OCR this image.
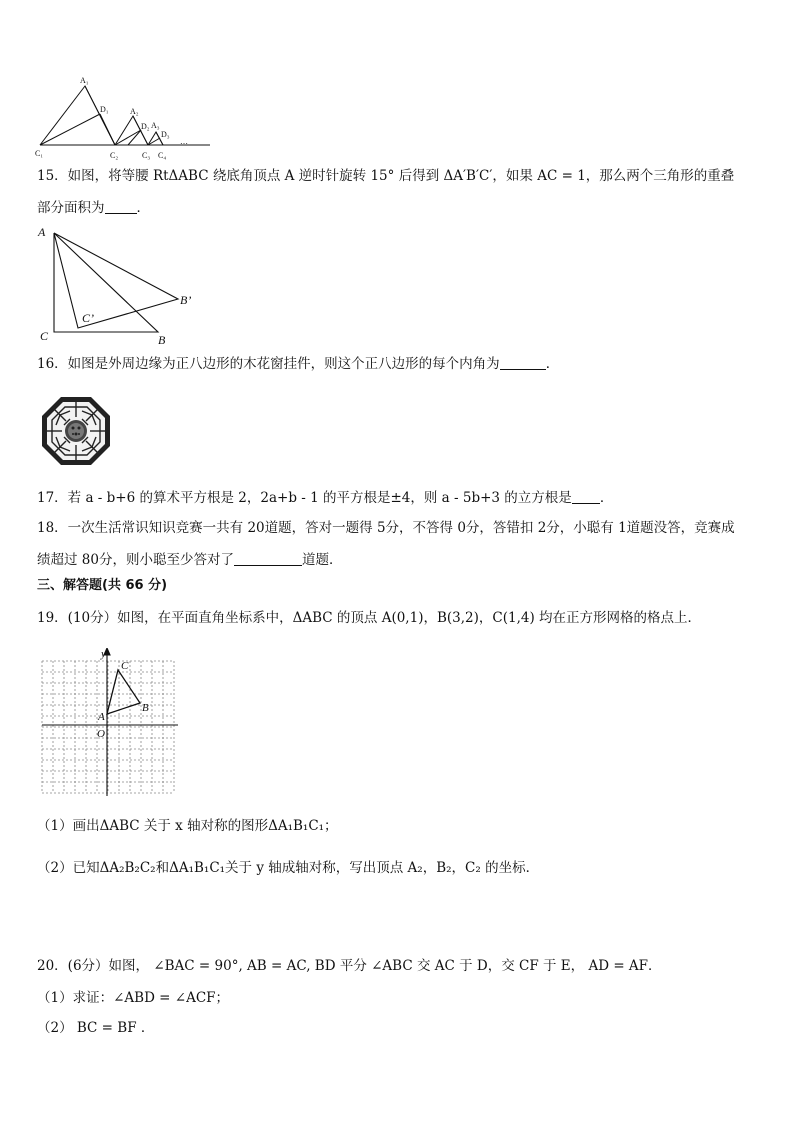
A₁
D₁	A₂
D₂ A₃
D₃
C₁	C₂	C₃ C₄
…
15．如图，将等腰 RtΔABC 绕底角顶点 A 逆时针旋转 15° 后得到 ΔA′B′C′，如果 AC = 1，那么两个三角形的重叠
部分面积为 ．
A
C	B
B’
C’
16．如图是外周边缘为正八边形的木花窗挂件，则这个正八边形的每个内角为	．
17．若 a - b+6 的算术平方根是 2，2a+b - 1 的平方根是±4，则 a - 5b+3 的立方根是 ．
18．一次生活常识知识竞赛一共有 20道题，答对一题得 5分，不答得 0分，答错扣 2分，小聪有 1道题没答，竞赛成
绩超过 80分，则小聪至少答对了	道题．
三、解答题(共 66 分)
19．(10分）如图，在平面直角坐标系中，ΔABC 的顶点 A(0,1)，B(3,2)，C(1,4) 均在正方形网格的格点上．
y
C
A
B
O
（1）画出ΔABC 关于 x 轴对称的图形ΔA₁B₁C₁；
（2）已知ΔA₂B₂C₂和ΔA₁B₁C₁关于 y 轴成轴对称，写出顶点 A₂，B₂，C₂ 的坐标．
20．(6分）如图， ∠BAC = 90°, AB = AC, BD 平分 ∠ABC 交 AC 于 D，交 CF 于 E， AD = AF．
（1）求证：∠ABD = ∠ACF；
（2） BC = BF ．
